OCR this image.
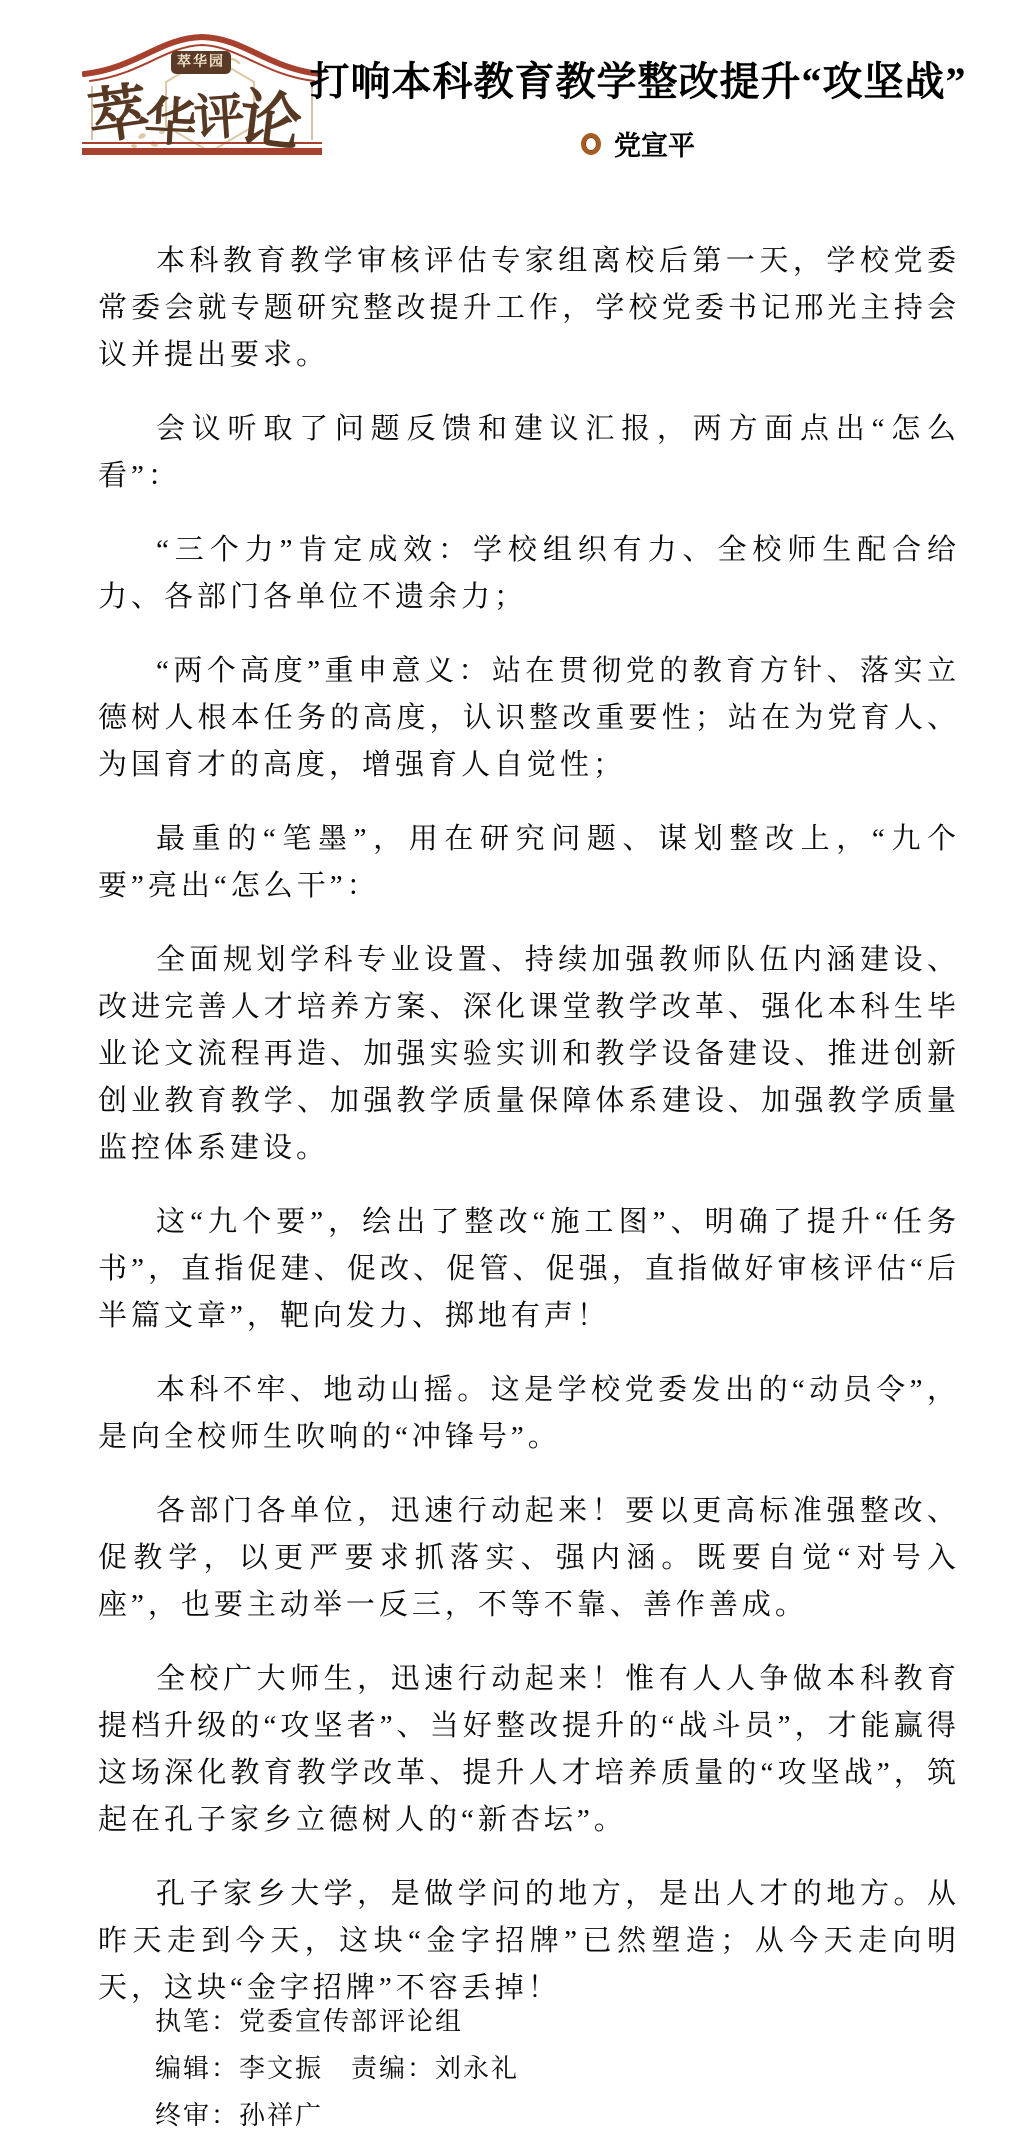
萃华园
萃华评论
打响本科教育教学整改提升“攻坚战”
党宣平

本科教育教学审核评估专家组离校后第一天，学校党委常委会就专题研究整改提升工作，学校党委书记邢光主持会议并提出要求。

会议听取了问题反馈和建议汇报，两方面点出“怎么看”：

“三个力”肯定成效：学校组织有力、全校师生配合给力、各部门各单位不遗余力；

“两个高度”重申意义：站在贯彻党的教育方针、落实立德树人根本任务的高度，认识整改重要性；站在为党育人、为国育才的高度，增强育人自觉性；

最重的“笔墨”，用在研究问题、谋划整改上，“九个要”亮出“怎么干”：

全面规划学科专业设置、持续加强教师队伍内涵建设、改进完善人才培养方案、深化课堂教学改革、强化本科生毕业论文流程再造、加强实验实训和教学设备建设、推进创新创业教育教学、加强教学质量保障体系建设、加强教学质量监控体系建设。

这“九个要”，绘出了整改“施工图”、明确了提升“任务书”，直指促建、促改、促管、促强，直指做好审核评估“后半篇文章”，靶向发力、掷地有声！

本科不牢、地动山摇。这是学校党委发出的“动员令”，是向全校师生吹响的“冲锋号”。

各部门各单位，迅速行动起来！要以更高标准强整改、促教学，以更严要求抓落实、强内涵。既要自觉“对号入座”，也要主动举一反三，不等不靠、善作善成。

全校广大师生，迅速行动起来！惟有人人争做本科教育提档升级的“攻坚者”、当好整改提升的“战斗员”，才能赢得这场深化教育教学改革、提升人才培养质量的“攻坚战”，筑起在孔子家乡立德树人的“新杏坛”。

孔子家乡大学，是做学问的地方，是出人才的地方。从昨天走到今天，这块“金字招牌”已然塑造；从今天走向明天，这块“金字招牌”不容丢掉！

执笔：党委宣传部评论组
编辑：李文振　责编：刘永礼
终审：孙祥广
